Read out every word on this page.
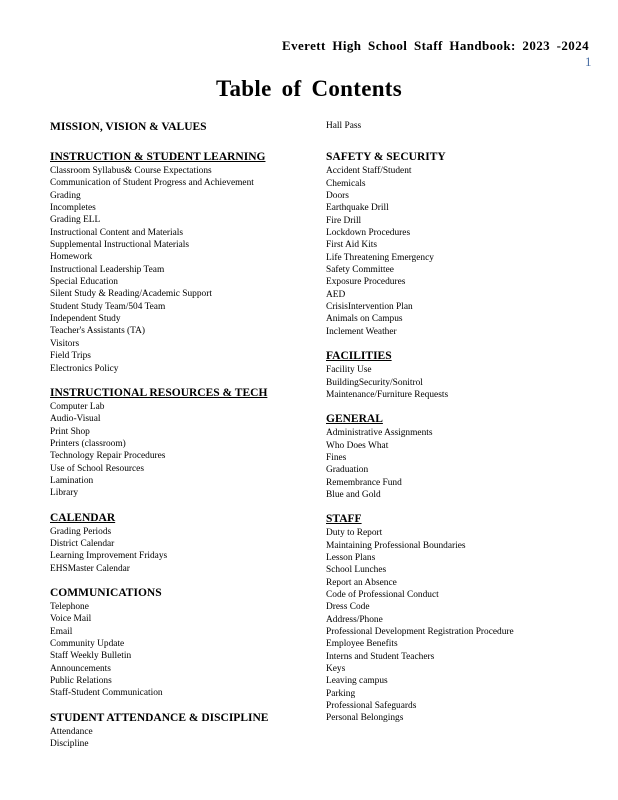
Everett High School Staff Handbook: 2023 -2024
1
Table of Contents
MISSION, VISION & VALUES
INSTRUCTION & STUDENT LEARNING
Classroom Syllabus& Course Expectations
Communication of Student Progress and Achievement
Grading
Incompletes
Grading ELL
Instructional Content and Materials
Supplemental Instructional Materials
Homework
Instructional Leadership Team
Special Education
Silent Study & Reading/Academic Support
Student Study Team/504 Team
Independent Study
Teacher's Assistants (TA)
Visitors
Field Trips
Electronics Policy
INSTRUCTIONAL RESOURCES & TECH
Computer Lab
Audio-Visual
Print Shop
Printers (classroom)
Technology Repair Procedures
Use of School Resources
Lamination
Library
CALENDAR
Grading Periods
District Calendar
Learning Improvement Fridays
EHSMaster Calendar
COMMUNICATIONS
Telephone
Voice Mail
Email
Community Update
Staff Weekly Bulletin
Announcements
Public Relations
Staff-Student Communication
STUDENT ATTENDANCE & DISCIPLINE
Attendance
Discipline
Hall Pass
SAFETY & SECURITY
Accident Staff/Student
Chemicals
Doors
Earthquake Drill
Fire Drill
Lockdown Procedures
First Aid Kits
Life Threatening Emergency
Safety Committee
Exposure Procedures
AED
CrisisIntervention Plan
Animals on Campus
Inclement Weather
FACILITIES
Facility Use
BuildingSecurity/Sonitrol
Maintenance/Furniture Requests
GENERAL
Administrative Assignments
Who Does What
Fines
Graduation
Remembrance Fund
Blue and Gold
STAFF
Duty to Report
Maintaining Professional Boundaries
Lesson Plans
School Lunches
Report an Absence
Code of Professional Conduct
Dress Code
Address/Phone
Professional Development Registration Procedure
Employee Benefits
Interns and Student Teachers
Keys
Leaving campus
Parking
Professional Safeguards
Personal Belongings
